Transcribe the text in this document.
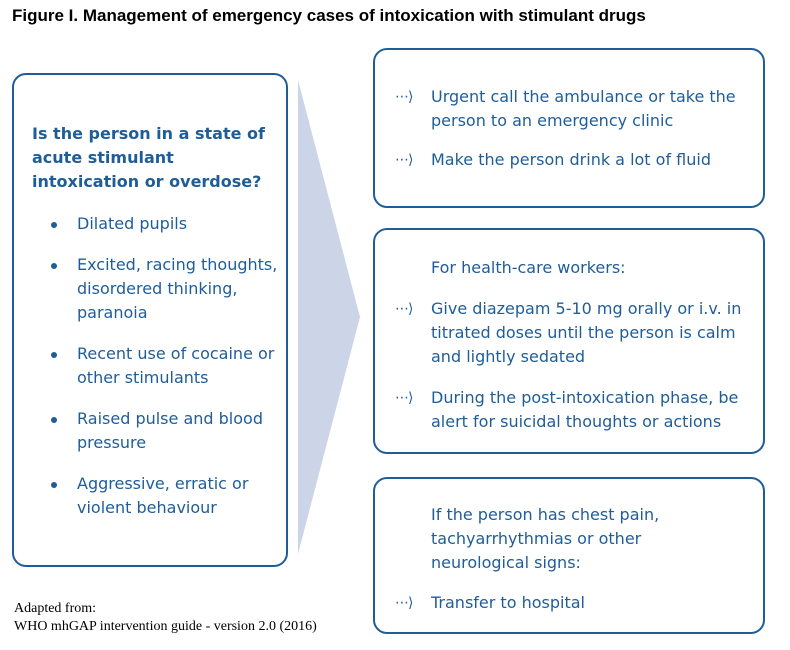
Figure I. Management of emergency cases of intoxication with stimulant drugs
Is the person in a state of acute stimulant intoxication or overdose?
Dilated pupils
Excited, racing thoughts, disordered thinking, paranoia
Recent use of cocaine or other stimulants
Raised pulse and blood pressure
Aggressive, erratic or violent behaviour
⋯⟩ Urgent call the ambulance or take the person to an emergency clinic
⋯⟩ Make the person drink a lot of fluid
For health-care workers:
⋯⟩ Give diazepam 5-10 mg orally or i.v. in titrated doses until the person is calm and lightly sedated
⋯⟩ During the post-intoxication phase, be alert for suicidal thoughts or actions
If the person has chest pain, tachyarrhythmias or other neurological signs:
⋯⟩ Transfer to hospital
Adapted from:
WHO mhGAP intervention guide - version 2.0 (2016)
